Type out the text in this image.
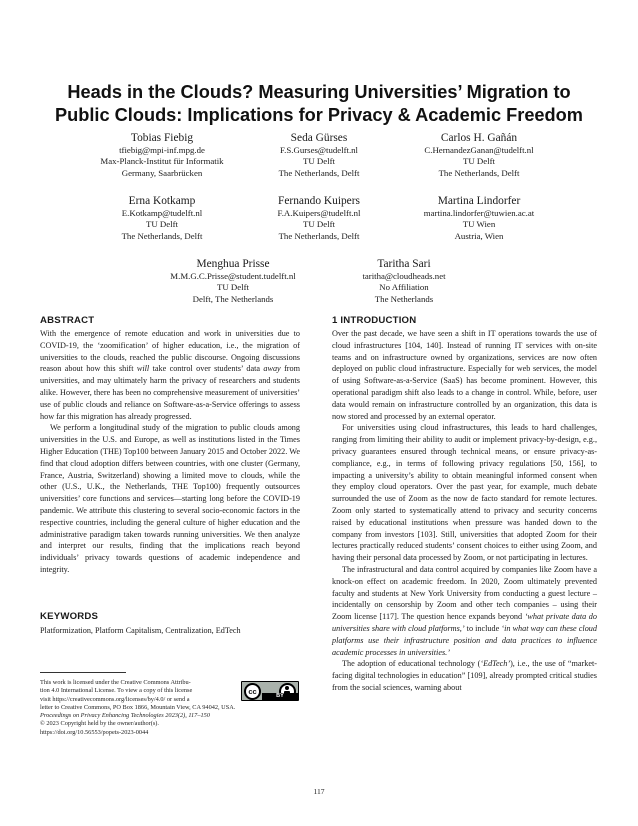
Heads in the Clouds? Measuring Universities’ Migration to
Public Clouds: Implications for Privacy & Academic Freedom
Tobias Fiebig
tfiebig@mpi-inf.mpg.de
Max-Planck-Institut für Informatik
Germany, Saarbrücken
Seda Gürses
F.S.Gurses@tudelft.nl
TU Delft
The Netherlands, Delft
Carlos H. Gañán
C.HernandezGanan@tudelft.nl
TU Delft
The Netherlands, Delft
Erna Kotkamp
E.Kotkamp@tudelft.nl
TU Delft
The Netherlands, Delft
Fernando Kuipers
F.A.Kuipers@tudelft.nl
TU Delft
The Netherlands, Delft
Martina Lindorfer
martina.lindorfer@tuwien.ac.at
TU Wien
Austria, Wien
Menghua Prisse
M.M.G.C.Prisse@student.tudelft.nl
TU Delft
Delft, The Netherlands
Taritha Sari
taritha@cloudheads.net
No Affiliation
The Netherlands
ABSTRACT

With the emergence of remote education and work in universities due to COVID-19, the ‘zoomification’ of higher education, i.e., the migration of universities to the clouds, reached the public discourse. Ongoing discussions reason about how this shift will take control over students’ data away from universities, and may ultimately harm the privacy of researchers and students alike. However, there has been no comprehensive measurement of universities’ use of public clouds and reliance on Software-as-a-Service offerings to assess how far this migration has already progressed.

We perform a longitudinal study of the migration to public clouds among universities in the U.S. and Europe, as well as institutions listed in the Times Higher Education (THE) Top100 between January 2015 and October 2022. We find that cloud adoption differs between countries, with one cluster (Germany, France, Austria, Switzerland) showing a limited move to clouds, while the other (U.S., U.K., the Netherlands, THE Top100) frequently outsources universities’ core functions and services—starting long before the COVID-19 pandemic. We attribute this clustering to several socio-economic factors in the respective countries, including the general culture of higher education and the administrative paradigm taken towards running universities. We then analyze and interpret our results, finding that the implications reach beyond individuals’ privacy towards questions of academic independence and integrity.

KEYWORDS
Platformization, Platform Capitalism, Centralization, EdTech
This work is licensed under the Creative Commons Attribu-
tion 4.0 International License. To view a copy of this license
visit https://creativecommons.org/licenses/by/4.0/ or send a
letter to Creative Commons, PO Box 1866, Mountain View, CA 94042, USA.
Proceedings on Privacy Enhancing Technologies 2023(2), 117–150
© 2023 Copyright held by the owner/author(s).
https://doi.org/10.56553/popets-2023-0044
cc	BY
1 INTRODUCTION

Over the past decade, we have seen a shift in IT operations towards the use of cloud infrastructures [104, 140]. Instead of running IT services with on-site teams and on infrastructure owned by organizations, services are now often deployed on public cloud infrastructure. Especially for web services, the model of using Software-as-a-Service (SaaS) has become prominent. However, this operational paradigm shift also leads to a change in control. While, before, user data would remain on infrastructure controlled by an organization, this data is now stored and processed by an external operator.

For universities using cloud infrastructures, this leads to hard challenges, ranging from limiting their ability to audit or implement privacy-by-design, e.g., privacy guarantees ensured through technical means, or ensure privacy-as-compliance, e.g., in terms of following privacy regulations [50, 156], to impacting a university’s ability to obtain meaningful informed consent when they employ cloud operators. Over the past year, for example, much debate surrounded the use of Zoom as the now de facto standard for remote lectures. Zoom only started to systematically attend to privacy and security concerns raised by educational institutions when pressure was handed down to the company from investors [103]. Still, universities that adopted Zoom for their lectures practically reduced students’ consent choices to either using Zoom, and having their personal data processed by Zoom, or not participating in lectures.

The infrastructural and data control acquired by companies like Zoom have a knock-on effect on academic freedom. In 2020, Zoom ultimately prevented faculty and students at New York University from conducting a guest lecture – incidentally on censorship by Zoom and other tech companies – using their Zoom license [117]. The question hence expands beyond ‘what private data do universities share with cloud platforms,’ to include ‘in what way can these cloud platforms use their infrastructure position and data practices to influence academic processes in universities.’

The adoption of educational technology (‘EdTech’), i.e., the use of “market-facing digital technologies in education” [109], already prompted critical studies from the social sciences, warning about

117
